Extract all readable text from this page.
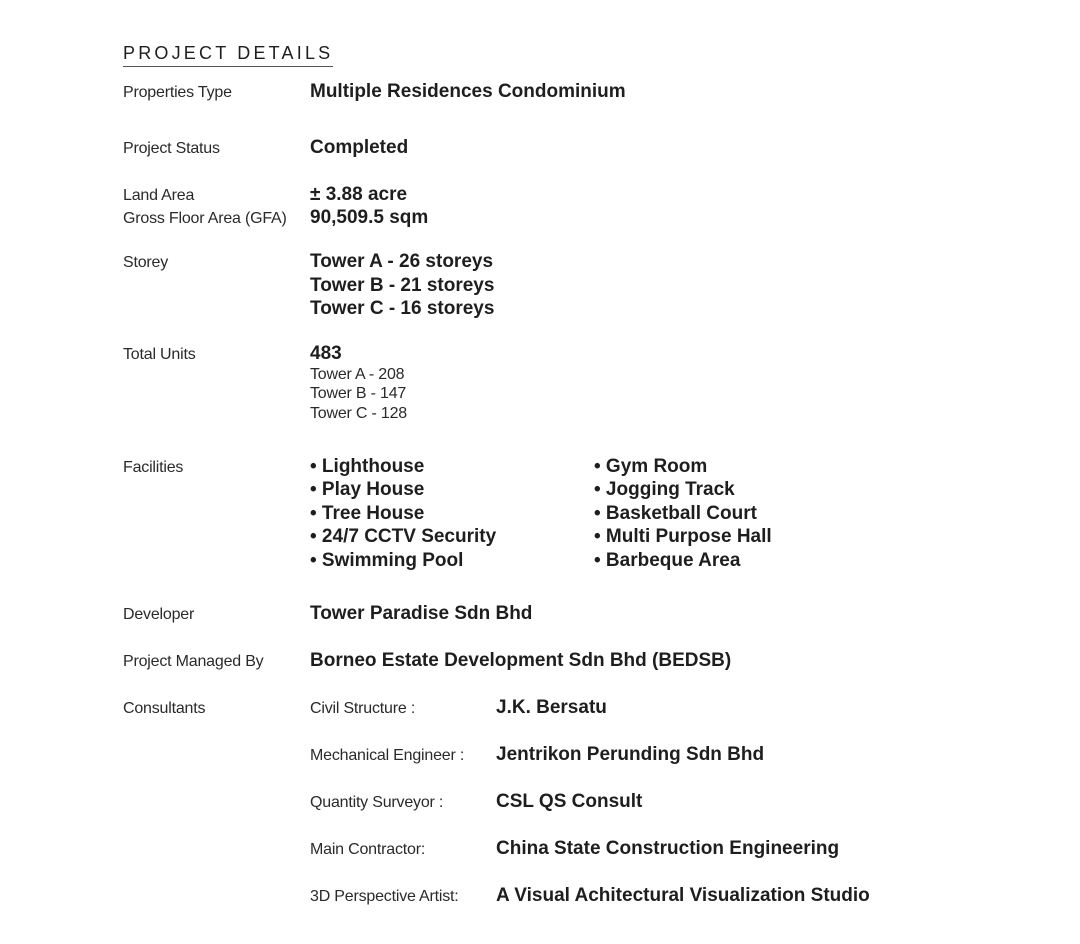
PROJECT DETAILS
Properties Type	Multiple Residences Condominium
Project Status	Completed
Land Area	± 3.88 acre
Gross Floor Area (GFA) 90,509.5 sqm
Storey	Tower A - 26 storeys
Tower B - 21 storeys
Tower C - 16 storeys
Total Units	483
Tower A - 208
Tower B - 147
Tower C - 128
Facilities	• Lighthouse
• Play House
• Tree House
• 24/7 CCTV Security
• Swimming Pool
• Gym Room
• Jogging Track
• Basketball Court
• Multi Purpose Hall
• Barbeque Area
Developer	Tower Paradise Sdn Bhd
Project Managed By Borneo Estate Development Sdn Bhd (BEDSB)
Consultants	Civil Structure :	J.K. Bersatu
Mechanical Engineer : Jentrikon Perunding Sdn Bhd
Quantity Surveyor :	CSL QS Consult
Main Contractor:	China State Construction Engineering
3D Perspective Artist: A Visual Achitectural Visualization Studio
